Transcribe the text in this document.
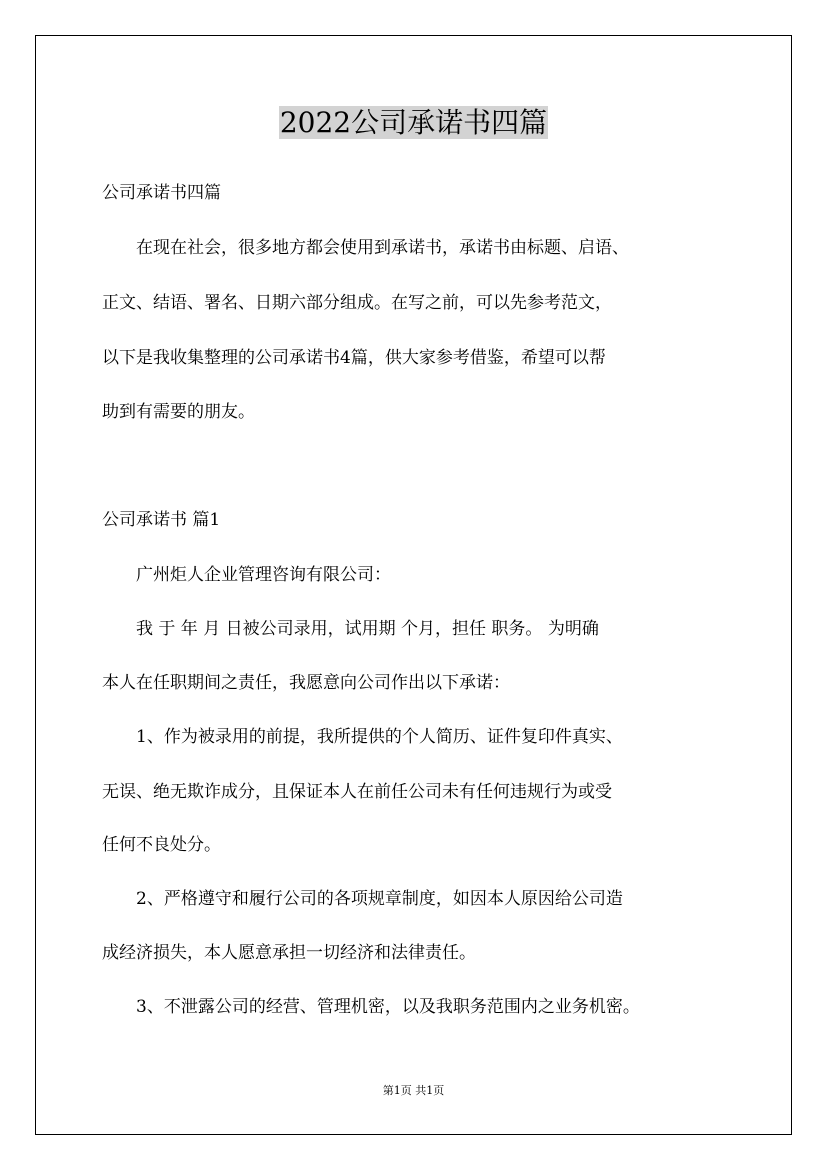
2022公司承诺书四篇
公司承诺书四篇
　　在现在社会，很多地方都会使用到承诺书，承诺书由标题、启语、
正文、结语、署名、日期六部分组成。在写之前，可以先参考范文，
以下是我收集整理的公司承诺书4篇，供大家参考借鉴，希望可以帮
助到有需要的朋友。
公司承诺书 篇1
　　广州炬人企业管理咨询有限公司：
　　我 于 年 月 日被公司录用，试用期 个月，担任 职务。 为明确
本人在任职期间之责任，我愿意向公司作出以下承诺：
　　1、作为被录用的前提，我所提供的个人简历、证件复印件真实、
无误、绝无欺诈成分，且保证本人在前任公司未有任何违规行为或受
任何不良处分。
　　2、严格遵守和履行公司的各项规章制度，如因本人原因给公司造
成经济损失，本人愿意承担一切经济和法律责任。
　　3、不泄露公司的经营、管理机密，以及我职务范围内之业务机密。
第1页 共1页
